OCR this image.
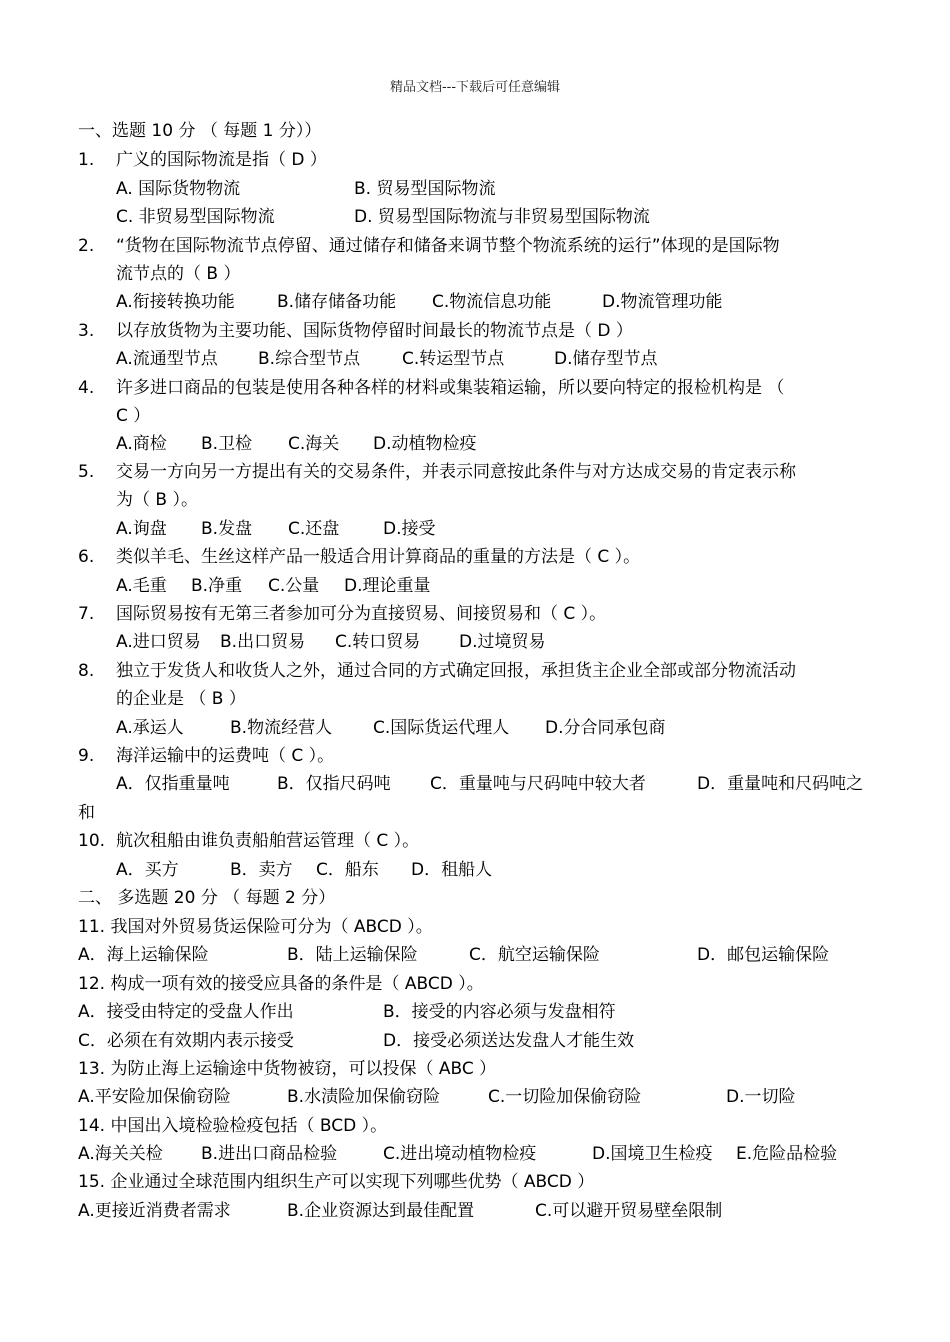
精品文档---下载后可任意编辑
一、选题 10 分 （ 每题 1 分））
1. 广义的国际物流是指（ D ）
A. 国际货物物流	B. 贸易型国际物流
C. 非贸易型国际物流	D. 贸易型国际物流与非贸易型国际物流
2. “货物在国际物流节点停留、通过储存和储备来调节整个物流系统的运行”体现的是国际物
流节点的（ B ）
A.衔接转换功能 B.储存储备功能 C.物流信息功能	D.物流管理功能
3. 以存放货物为主要功能、国际货物停留时间最长的物流节点是（ D ）
A.流通型节点 B.综合型节点 C.转运型节点	D.储存型节点
4. 许多进口商品的包装是使用各种各样的材料或集装箱运输，所以要向特定的报检机构是 （
C ）
A.商检 B.卫检 C.海关 D.动植物检疫
5. 交易一方向另一方提出有关的交易条件，并表示同意按此条件与对方达成交易的肯定表示称
为（ B ）。
A.询盘 B.发盘 C.还盘	D.接受
6. 类似羊毛、生丝这样产品一般适合用计算商品的重量的方法是（ C ）。
A.毛重 B.净重 C.公量 D.理论重量
7. 国际贸易按有无第三者参加可分为直接贸易、间接贸易和（ C ）。
A.进口贸易 B.出口贸易 C.转口贸易 D.过境贸易
8. 独立于发货人和收货人之外，通过合同的方式确定回报，承担货主企业全部或部分物流活动
的企业是 （ B ）
A.承运人	B.物流经营人 C.国际货运代理人 D.分合同承包商
9. 海洋运输中的运费吨（ C ）。
A．仅指重量吨	B．仅指尺码吨 C．重量吨与尺码吨中较大者	D．重量吨和尺码吨之
和
10. 航次租船由谁负责船舶营运管理（ C ）。
A．买方	B．卖方 C．船东 D．租船人
二、 多选题 20 分 （ 每题 2 分）
11. 我国对外贸易货运保险可分为（ ABCD ）。
A．海上运输保险	B．陆上运输保险	C．航空运输保险	D．邮包运输保险
12. 构成一项有效的接受应具备的条件是（ ABCD ）。
A．接受由特定的受盘人作出	B．接受的内容必须与发盘相符
C．必须在有效期内表示接受	D．接受必须送达发盘人才能生效
13. 为防止海上运输途中货物被窃，可以投保（ ABC ）
A.平安险加保偷窃险	B.水渍险加保偷窃险	C.一切险加保偷窃险	D.一切险
14. 中国出入境检验检疫包括（ BCD ）。
A.海关关检 B.进出口商品检验	C.进出境动植物检疫	D.国境卫生检疫 E.危险品检验
15. 企业通过全球范围内组织生产可以实现下列哪些优势（ ABCD ）
A.更接近消费者需求	B.企业资源达到最佳配置	C.可以避开贸易壁垒限制
